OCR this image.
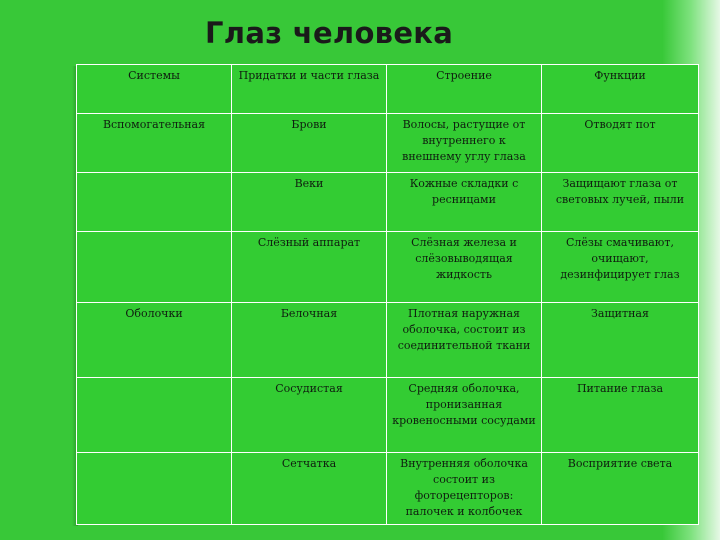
Глаз человека
Системы	Придатки и части глаза	Строение	Функции
Вспомогательная	Брови	Волосы, растущие от внутреннего к внешнему углу глаза	Отводят пот
	Веки	Кожные складки с ресницами	Защищают глаза от световых лучей, пыли
	Слёзный аппарат	Слёзная железа и слёзовыводящая жидкость	Слёзы смачивают, очищают, дезинфицирует глаз
Оболочки	Белочная	Плотная наружная оболочка, состоит из соединительной ткани	Защитная
	Сосудистая	Средняя оболочка, пронизанная кровеносными сосудами	Питание глаза
	Сетчатка	Внутренняя оболочка состоит из фоторецепторов: палочек и колбочек	Восприятие света
